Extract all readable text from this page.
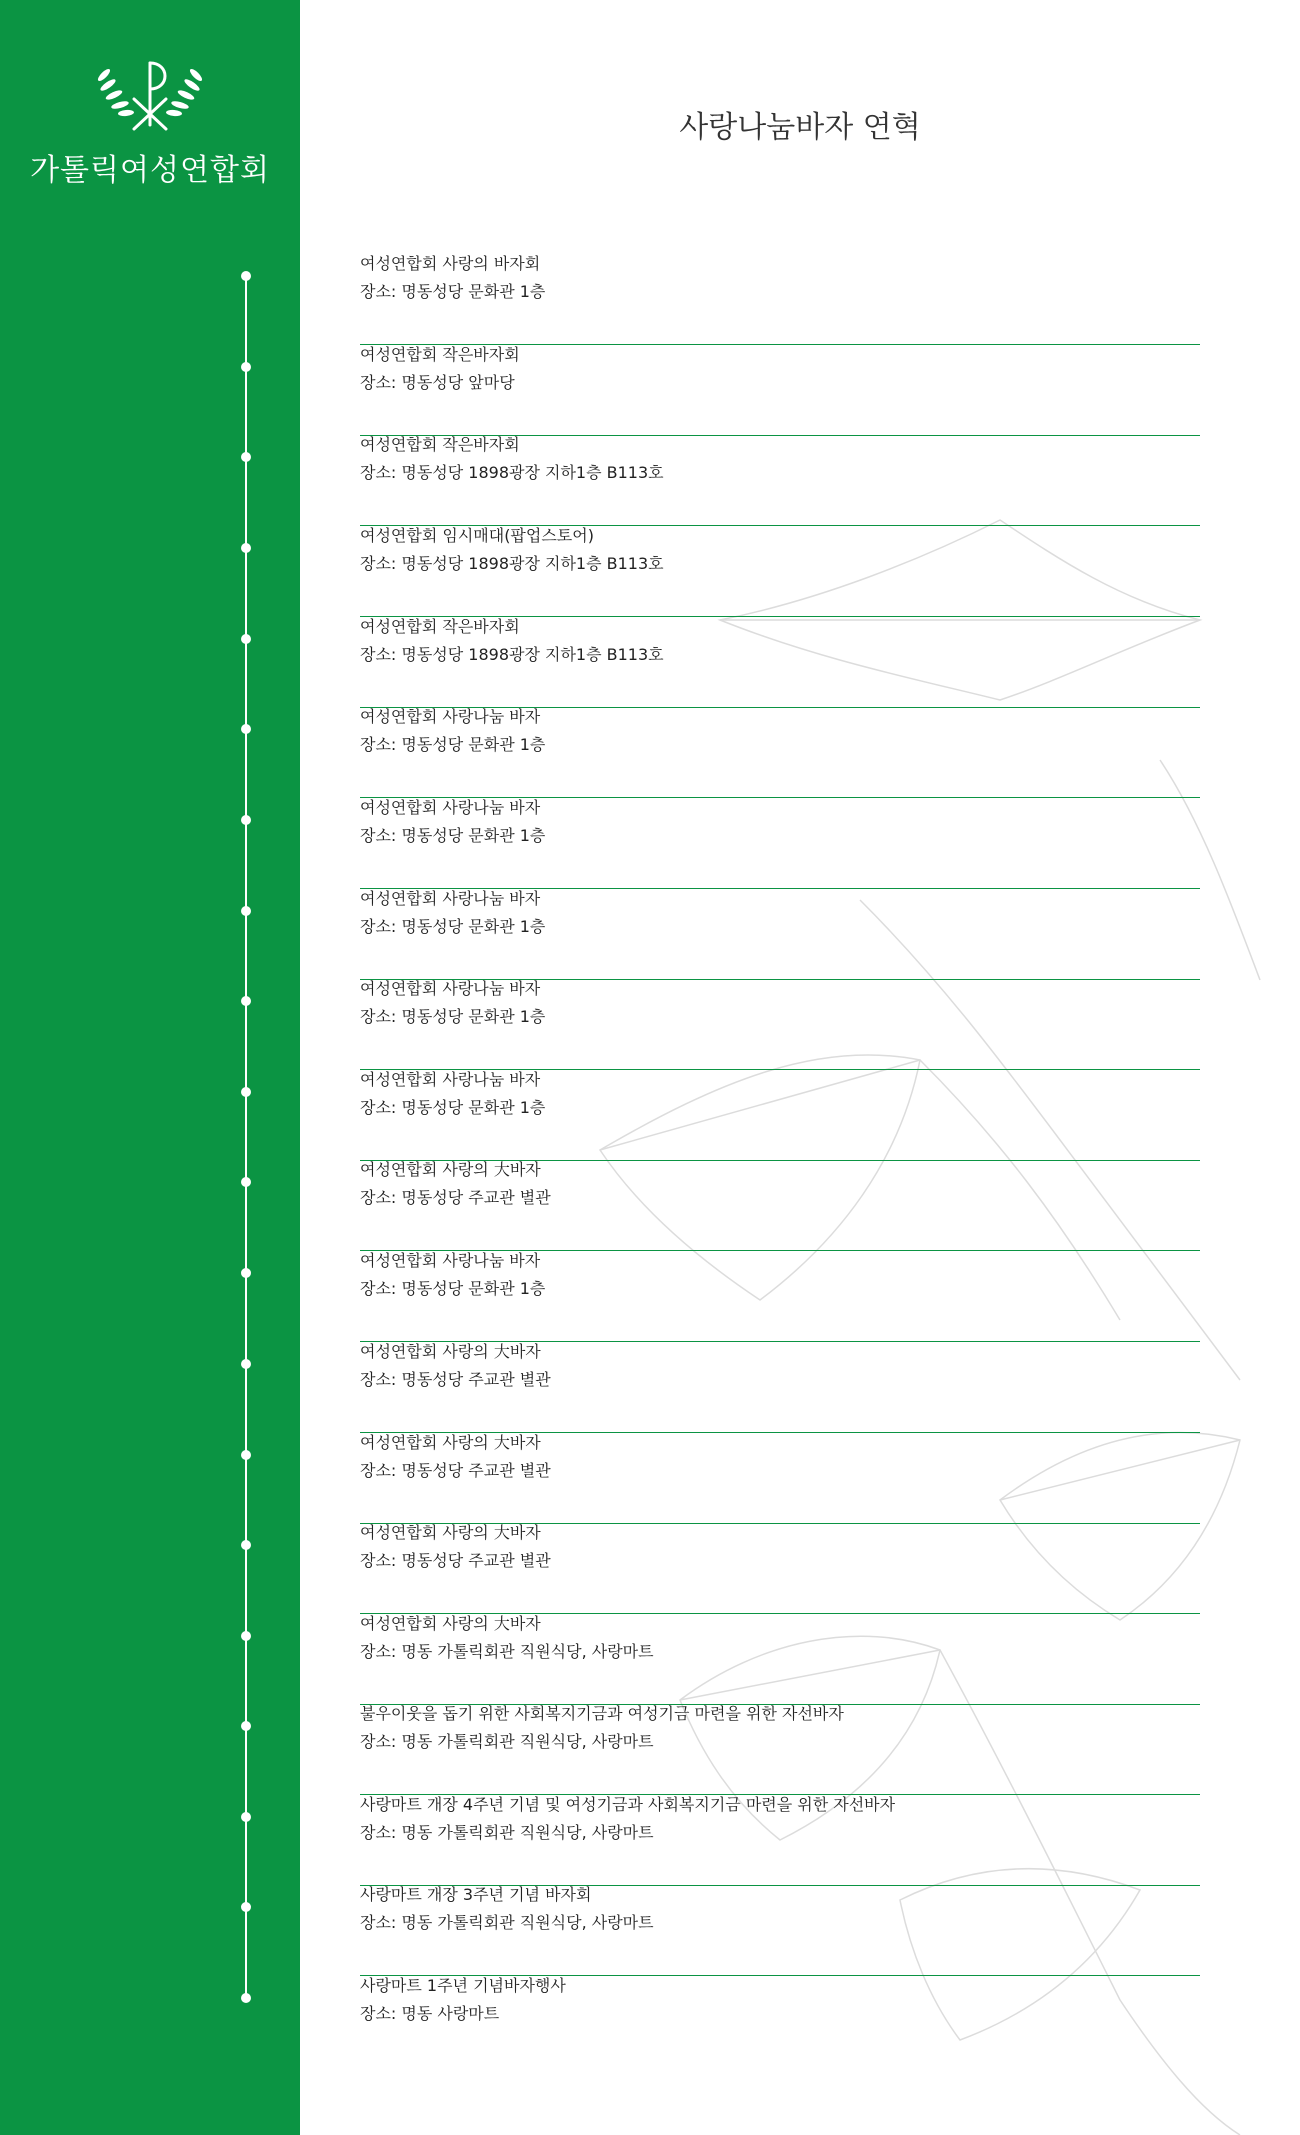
가톨릭여성연합회
사랑나눔바자 연혁
여성연합회 사랑의 바자회
장소: 명동성당 문화관 1층
여성연합회 작은바자회
장소: 명동성당 앞마당
여성연합회 작은바자회
장소: 명동성당 1898광장 지하1층 B113호
여성연합회 임시매대(팝업스토어)
장소: 명동성당 1898광장 지하1층 B113호
여성연합회 작은바자회
장소: 명동성당 1898광장 지하1층 B113호
여성연합회 사랑나눔 바자
장소: 명동성당 문화관 1층
여성연합회 사랑나눔 바자
장소: 명동성당 문화관 1층
여성연합회 사랑나눔 바자
장소: 명동성당 문화관 1층
여성연합회 사랑나눔 바자
장소: 명동성당 문화관 1층
여성연합회 사랑나눔 바자
장소: 명동성당 문화관 1층
여성연합회 사랑의 大바자
장소: 명동성당 주교관 별관
여성연합회 사랑나눔 바자
장소: 명동성당 문화관 1층
여성연합회 사랑의 大바자
장소: 명동성당 주교관 별관
여성연합회 사랑의 大바자
장소: 명동성당 주교관 별관
여성연합회 사랑의 大바자
장소: 명동성당 주교관 별관
여성연합회 사랑의 大바자
장소: 명동 가톨릭회관 직원식당, 사랑마트
불우이웃을 돕기 위한 사회복지기금과 여성기금 마련을 위한 자선바자
장소: 명동 가톨릭회관 직원식당, 사랑마트
사랑마트 개장 4주년 기념 및 여성기금과 사회복지기금 마련을 위한 자선바자
장소: 명동 가톨릭회관 직원식당, 사랑마트
사랑마트 개장 3주년 기념 바자회
장소: 명동 가톨릭회관 직원식당, 사랑마트
사랑마트 1주년 기념바자행사
장소: 명동 사랑마트
